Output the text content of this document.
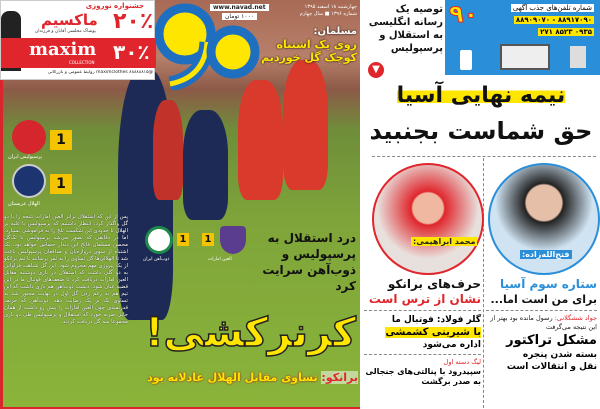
جشنواره نوروزی
ماکسیم
پوشاک مجلسی آقایان و فرزندان ۲۰٪
maxim
COLLECTION ۳۰٪
@maximclothes ۸۸۸۸۸۸۱۵ روابط عمومی و بازرگانی
www.navad.net
۱۰۰۰ تومان
چهارشنبه ۱۸ اسفند ۱۳۹۵
شماره ۱۳۹۶ ■ سال چهارم
مسلمان:
روی یک اشتباه کوچک گل خوردیم
1
پرسپولیس ایران
1
الهلال عربستان
1
العین امارات
1
ذوب‌آهن ایران
پس از این که استقلال برابر العین امارات نتیجه را با دو گل واگذار کرد، انتظار داشتیم که پرسپولیس با غلبه بر الهلال تا حدودی این شکست تلخ را به فراموشی بسپارد. اما در دقایقی که تصور می‌شد پرسپولیس با تک‌گل محسن مسلمان فاتح این دیدار حساس خواهد بود، یک اشتباه از سوی دروازه‌بان و مدافعان پرسپولیس باعث شد تا الهلالی‌ها گل تساوی را به ثمر برسانند تا تیم برانکو از یک پیروزی مهم محروم شود. این گل شباهت فراوانی به دو گلی داشت که استقلال در بازی دوشنبه مقابل العین امارات دریافت کرد تا ضعف‌های فوتبال ما در این قضیه عیان شود. دیشب ذوب‌آهن هم بازی داشت که این تیم هم به رغم زدن گل اول در نهایت مجبور شد به تساوی یک بر یک رضایت دهد. ذوب‌آهن که حریف قدرتمندی چون العین امارات را پیش رو داشت از همان جایی ضربه خورد که استقلال و پرسپولیس طی دو بازی مجموعا سه گل دریافت کردند.
درد استقلال به پرسپولیس و ذوب‌آهن سرایت کرد
کرنرکشی!
برانکو: تساوی مقابل الهلال عادلانه بود
شماره تلفن‌های جذب آگهی
۸۸۹۱۷۰۹۰ - ۸۸۹۰۹۰۷۰
۰۹۳۵ ۸۵۲۳ ۲۷۱
۹۰
توصیه یک رسانه انگلیسی به استقلال و پرسپولیس
▼
نیمه نهایی آسیا
حق شماست بجنبید
محمد ابراهیمی:
فتح‌الله‌زاده:
حرف‌های برانکو
نشان از ترس است
گلر فولاد: فوتبال ما
با شیرینی کشمشی
اداره می‌شود
لیگ دسته اول
سپیدرود با پنالتی‌های جنجالی به صدر برگشت
ستاره سوم آسیا
برای من است اما...
جواد ششگلانی: رسول مانده بود بهتر از این نتیجه می‌گرفت
مشکل تراکتور
بسته شدن پنجره
نقل و انتقالات است
